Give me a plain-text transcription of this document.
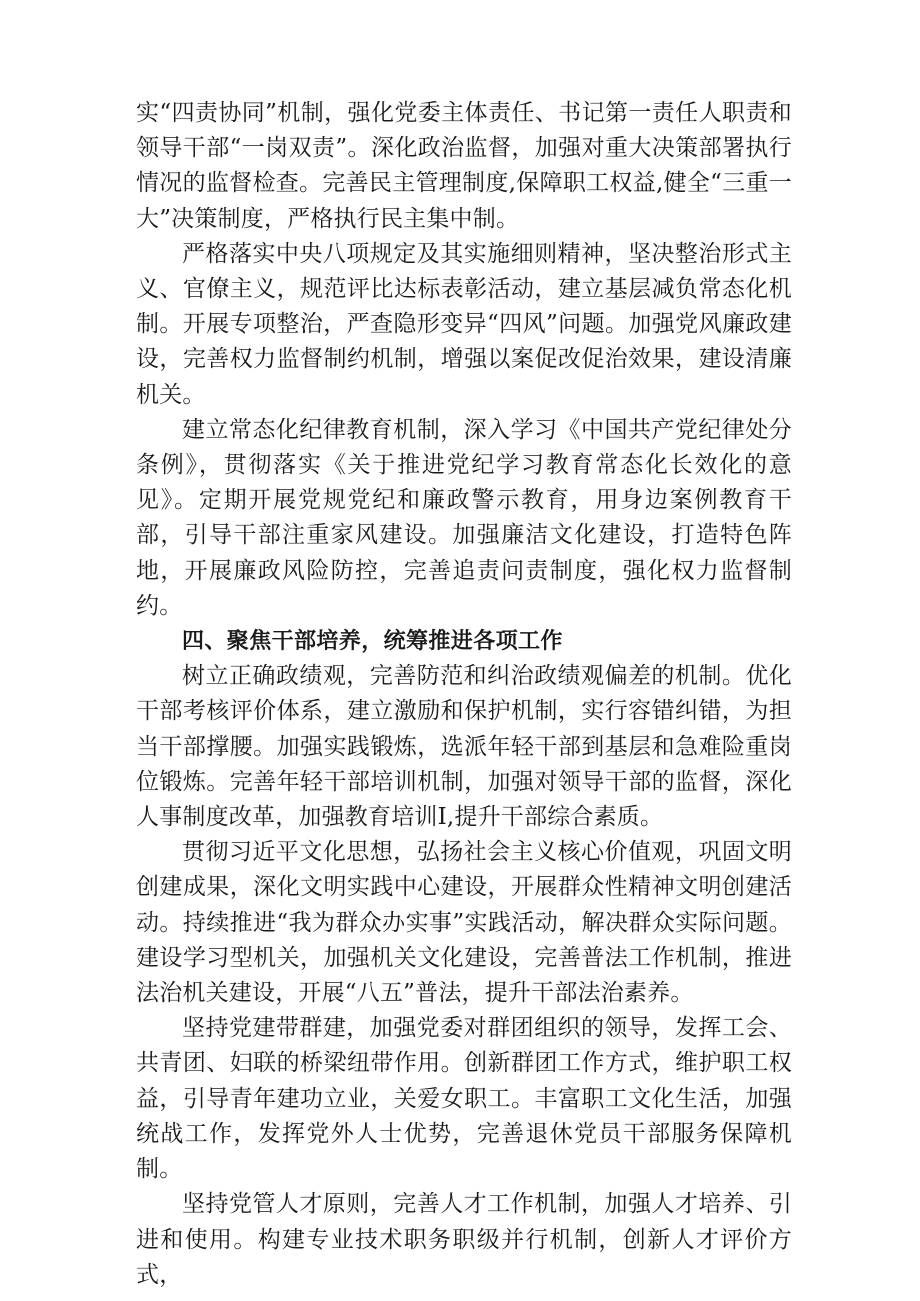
实“四责协同”机制，强化党委主体责任、书记第一责任人职责和领导干部“一岗双责”。深化政治监督，加强对重大决策部署执行情况的监督检查。完善民主管理制度,保障职工权益,健全“三重一大”决策制度，严格执行民主集中制。

严格落实中央八项规定及其实施细则精神，坚决整治形式主义、官僚主义，规范评比达标表彰活动，建立基层减负常态化机制。开展专项整治，严查隐形变异“四风”问题。加强党风廉政建设，完善权力监督制约机制，增强以案促改促治效果，建设清廉机关。

建立常态化纪律教育机制，深入学习《中国共产党纪律处分条例》，贯彻落实《关于推进党纪学习教育常态化长效化的意见》。定期开展党规党纪和廉政警示教育，用身边案例教育干部，引导干部注重家风建设。加强廉洁文化建设，打造特色阵地，开展廉政风险防控，完善追责问责制度，强化权力监督制约。

四、聚焦干部培养，统筹推进各项工作

树立正确政绩观，完善防范和纠治政绩观偏差的机制。优化干部考核评价体系，建立激励和保护机制，实行容错纠错，为担当干部撑腰。加强实践锻炼，选派年轻干部到基层和急难险重岗位锻炼。完善年轻干部培训机制，加强对领导干部的监督，深化人事制度改革，加强教育培训I,提升干部综合素质。

贯彻习近平文化思想，弘扬社会主义核心价值观，巩固文明创建成果，深化文明实践中心建设，开展群众性精神文明创建活动。持续推进“我为群众办实事”实践活动，解决群众实际问题。建设学习型机关，加强机关文化建设，完善普法工作机制，推进法治机关建设，开展“八五”普法，提升干部法治素养。

坚持党建带群建，加强党委对群团组织的领导，发挥工会、共青团、妇联的桥梁纽带作用。创新群团工作方式，维护职工权益，引导青年建功立业，关爱女职工。丰富职工文化生活，加强统战工作，发挥党外人士优势，完善退休党员干部服务保障机制。

坚持党管人才原则，完善人才工作机制，加强人才培养、引进和使用。构建专业技术职务职级并行机制，创新人才评价方式，
